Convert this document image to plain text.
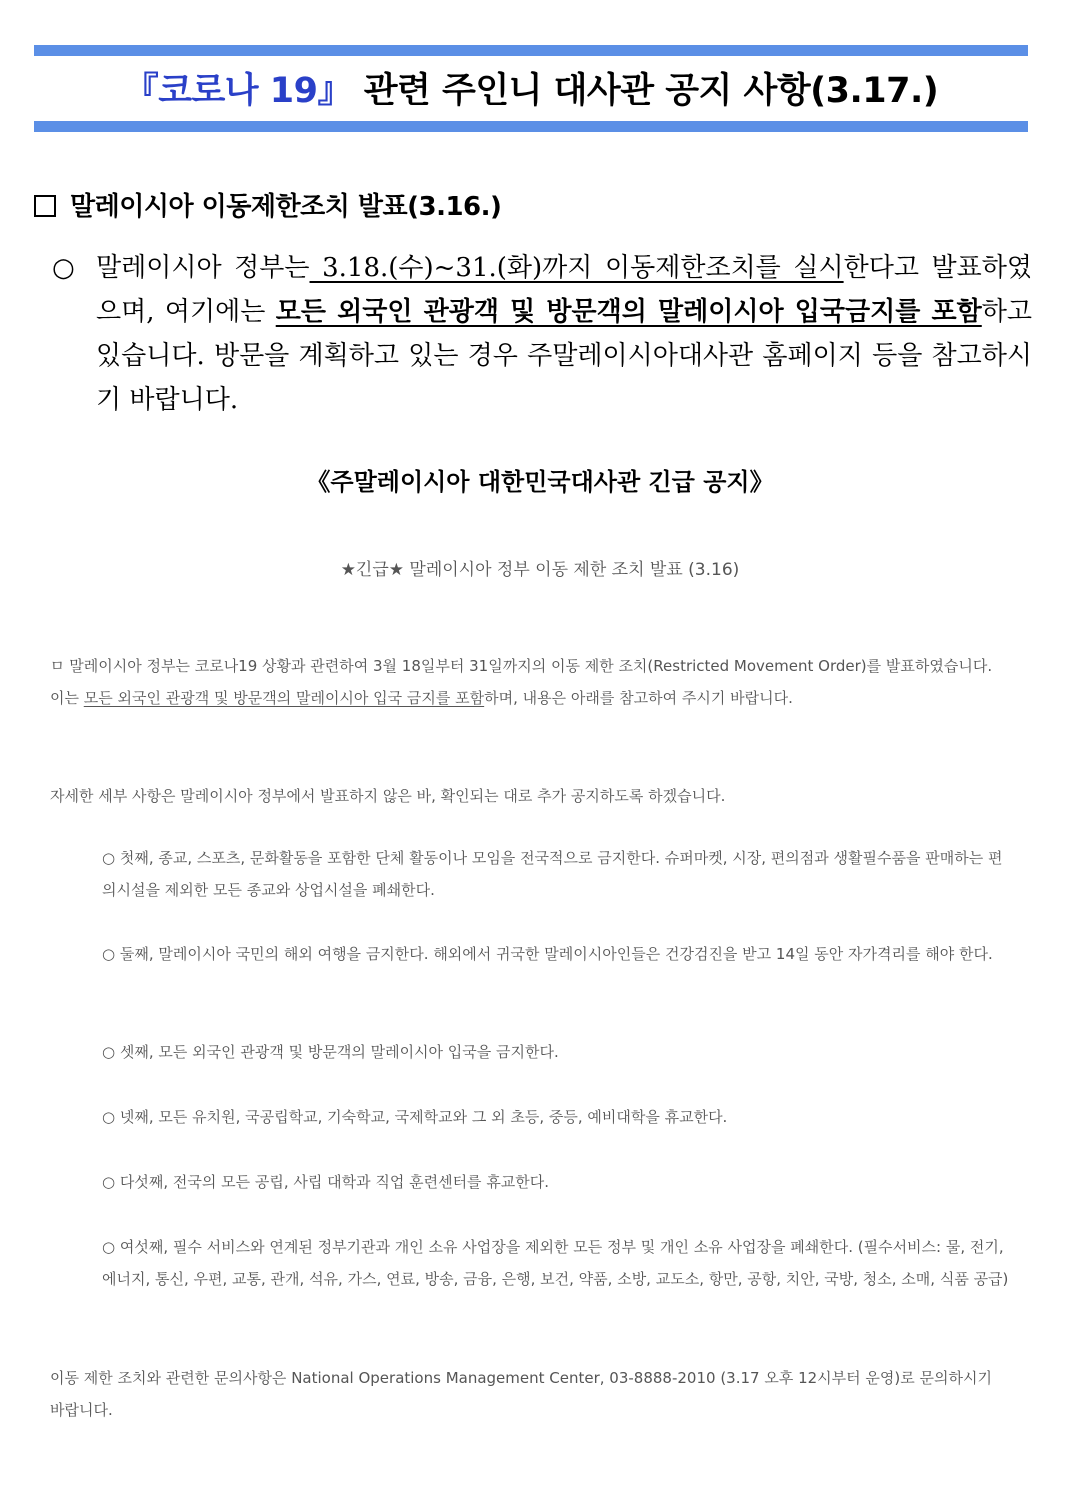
『코로나 19』 관련 주인니 대사관 공지 사항(3.17.)
말레이시아 이동제한조치 발표(3.16.)
○ 말레이시아 정부는 3.18.(수)~31.(화)까지 이동제한조치를 실시한다고 발표하였으며, 여기에는 모든 외국인 관광객 및 방문객의 말레이시아 입국금지를 포함하고 있습니다. 방문을 계획하고 있는 경우 주말레이시아대사관 홈페이지 등을 참고하시기 바랍니다.
《주말레이시아 대한민국대사관 긴급 공지》
★긴급★ 말레이시아 정부 이동 제한 조치 발표 (3.16)
ㅁ 말레이시아 정부는 코로나19 상황과 관련하여 3월 18일부터 31일까지의 이동 제한 조치(Restricted Movement Order)를 발표하였습니다. 이는 모든 외국인 관광객 및 방문객의 말레이시아 입국 금지를 포함하며, 내용은 아래를 참고하여 주시기 바랍니다.
자세한 세부 사항은 말레이시아 정부에서 발표하지 않은 바, 확인되는 대로 추가 공지하도록 하겠습니다.
○ 첫째, 종교, 스포츠, 문화활동을 포함한 단체 활동이나 모임을 전국적으로 금지한다. 슈퍼마켓, 시장, 편의점과 생활필수품을 판매하는 편의시설을 제외한 모든 종교와 상업시설을 폐쇄한다.
○ 둘째, 말레이시아 국민의 해외 여행을 금지한다. 해외에서 귀국한 말레이시아인들은 건강검진을 받고 14일 동안 자가격리를 해야 한다.
○ 셋째, 모든 외국인 관광객 및 방문객의 말레이시아 입국을 금지한다.
○ 넷째, 모든 유치원, 국공립학교, 기숙학교, 국제학교와 그 외 초등, 중등, 예비대학을 휴교한다.
○ 다섯째, 전국의 모든 공립, 사립 대학과 직업 훈련센터를 휴교한다.
○ 여섯째, 필수 서비스와 연계된 정부기관과 개인 소유 사업장을 제외한 모든 정부 및 개인 소유 사업장을 폐쇄한다. (필수서비스: 물, 전기, 에너지, 통신, 우편, 교통, 관개, 석유, 가스, 연료, 방송, 금융, 은행, 보건, 약품, 소방, 교도소, 항만, 공항, 치안, 국방, 청소, 소매, 식품 공급)
이동 제한 조치와 관련한 문의사항은 National Operations Management Center, 03-8888-2010 (3.17 오후 12시부터 운영)로 문의하시기 바랍니다.
